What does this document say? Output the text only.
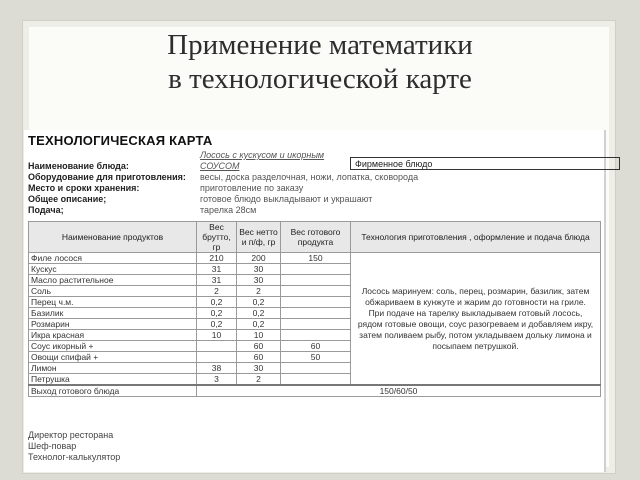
Применение математики
в технологической карте
ТЕХНОЛОГИЧЕСКАЯ КАРТА
Лосось с кускусом и икорным
Наименование блюда:	СОУСОМ	Фирменное блюдо
Оборудование для приготовления: весы, доска разделочная, ножи, лопатка, сковорода
Место и сроки хранения:	приготовление по заказу
Общее описание;	готовое блюдо выкладывают и украшают
Подача;	тарелка 28см
Наименование продуктов	Вес брутто, гр	Вес нетто и п/ф, гр	Вес готового продукта	Технология приготовления , оформление и подача блюда
Филе лосося	210	200	150	Лосось маринуем: соль, перец, розмарин, базилик, затем обжариваем в кунжуте и жарим до готовности на гриле. При подаче на тарелку выкладываем готовый лосось, рядом готовые овощи, соус разогреваем и добавляем икру, затем поливаем рыбу, потом укладываем дольку лимона и посыпаем петрушкой.
Кускус	31	30		
Масло растительное	31	30		
Соль	2	2		
Перец ч.м.	0,2	0,2		
Базилик	0,2	0,2		
Розмарин	0,2	0,2		
Икра красная	10	10		
Соус икорный +		60	60	
Овощи спифай +		60	50	
Лимон	38	30		
Петрушка	3	2		
Выход готового блюда	150/60/50			
Директор ресторана
Шеф-повар
Технолог-калькулятор
